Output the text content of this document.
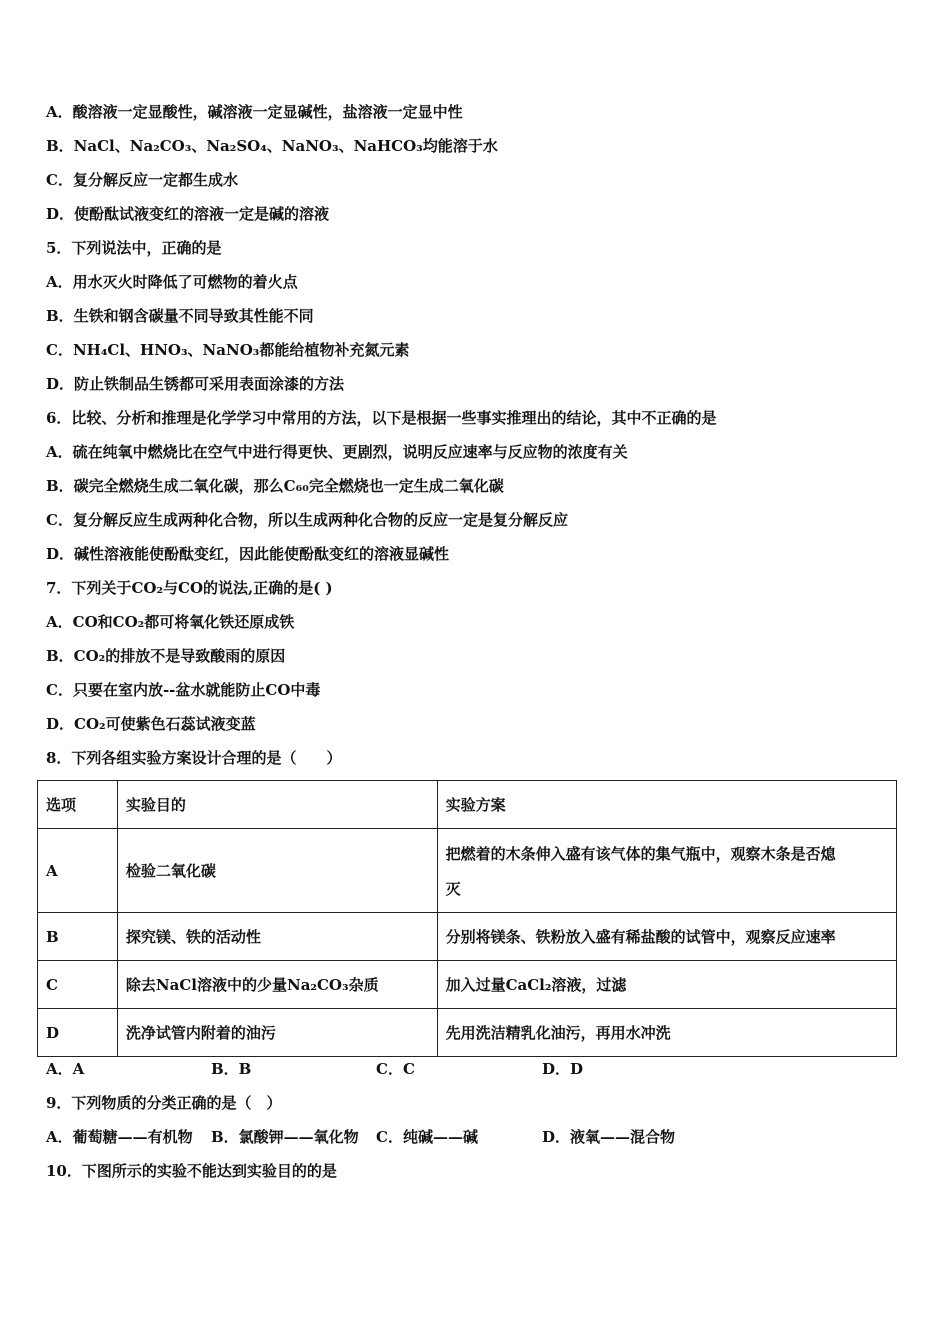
A．酸溶液一定显酸性，碱溶液一定显碱性，盐溶液一定显中性
B．NaCl、Na₂CO₃、Na₂SO₄、NaNO₃、NaHCO₃均能溶于水
C．复分解反应一定都生成水
D．使酚酞试液变红的溶液一定是碱的溶液
5．下列说法中，正确的是
A．用水灭火时降低了可燃物的着火点
B．生铁和钢含碳量不同导致其性能不同
C．NH₄Cl、HNO₃、NaNO₃都能给植物补充氮元素
D．防止铁制品生锈都可采用表面涂漆的方法
6．比较、分析和推理是化学学习中常用的方法，以下是根据一些事实推理出的结论，其中不正确的是
A．硫在纯氧中燃烧比在空气中进行得更快、更剧烈，说明反应速率与反应物的浓度有关
B．碳完全燃烧生成二氧化碳，那么C₆₀完全燃烧也一定生成二氧化碳
C．复分解反应生成两种化合物，所以生成两种化合物的反应一定是复分解反应
D．碱性溶液能使酚酞变红，因此能使酚酞变红的溶液显碱性
7．下列关于CO₂与CO的说法,正确的是( )
A．CO和CO₂都可将氧化铁还原成铁
B．CO₂的排放不是导致酸雨的原因
C．只要在室内放--盆水就能防止CO中毒
D．CO₂可使紫色石蕊试液变蓝
8．下列各组实验方案设计合理的是（　　）
选项	实验目的	实验方案
A	检验二氧化碳	把燃着的木条伸入盛有该气体的集气瓶中，观察木条是否熄
灭

B	探究镁、铁的活动性	分别将镁条、铁粉放入盛有稀盐酸的试管中，观察反应速率
C	除去NaCl溶液中的少量Na₂CO₃杂质	加入过量CaCl₂溶液，过滤
D	洗净试管内附着的油污	先用洗洁精乳化油污，再用水冲洗
A．A	B．B	C．C	D．D
9．下列物质的分类正确的是（　）
A．葡萄糖——有机物 B．氯酸钾——氧化物 C．纯碱——碱	D．液氧——混合物
10．下图所示的实验不能达到实验目的的是
